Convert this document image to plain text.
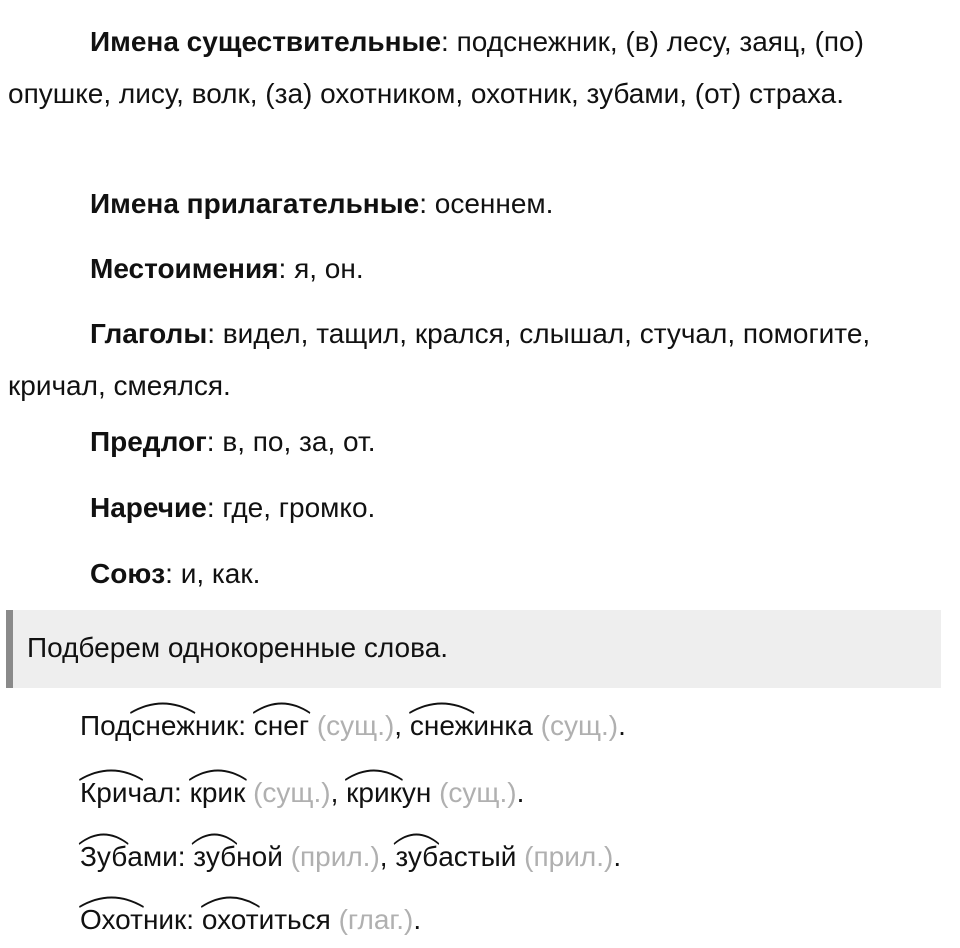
Имена существительные: подснежник, (в) лесу, заяц, (по) опушке, лису, волк, (за) охотником, охотник, зубами, (от) страха.
Имена прилагательные: осеннем.
Местоимения: я, он.
Глаголы: видел, тащил, крался, слышал, стучал, помогите, кричал, смеялся.
Предлог: в, по, за, от.
Наречие: где, громко.
Союз: и, как.
Подберем однокоренные слова.
Под
снежник:
снег (сущ.),
снежинка (сущ.).
Кричал:
крик (сущ.),
крикун (сущ.).
Зубами:
зубной (прил.),
зубастый (прил.).
Охотник:
охотиться (глаг.).
